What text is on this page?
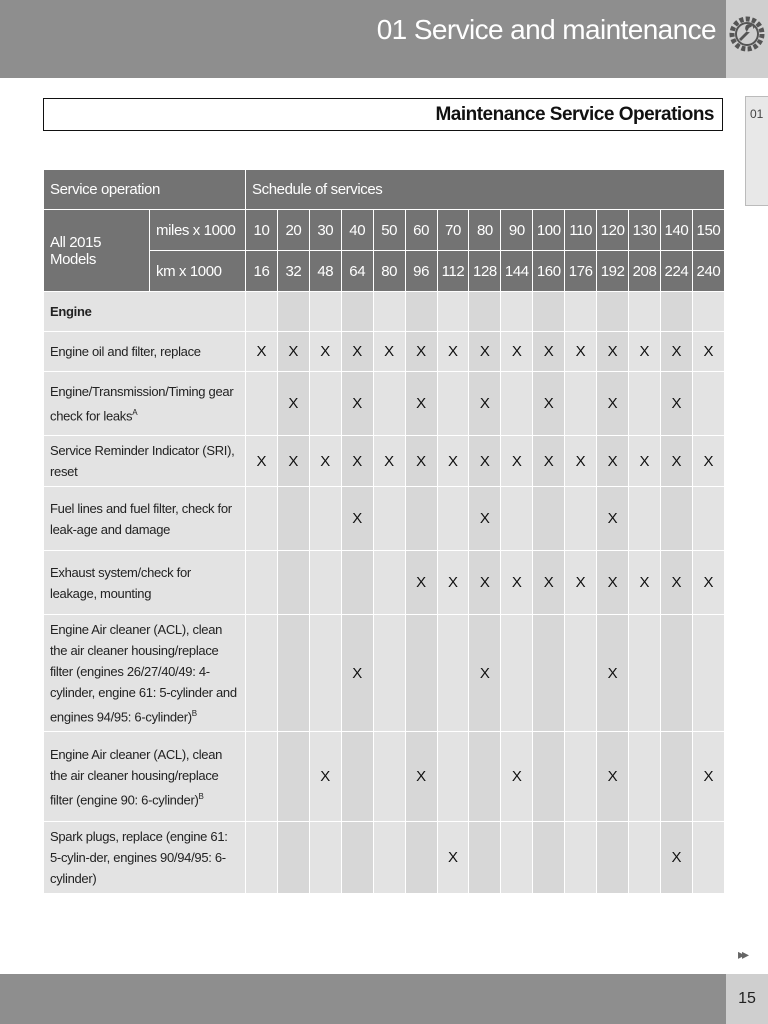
01 Service and maintenance
Maintenance Service Operations	01
Service operation		Schedule of services														
All 2015 Models	miles x 1000	10	20	30	40	50	60	70	80	90	100	110	120	130	140	150
	km x 1000	16	32	48	64	80	96	112	128	144	160	176	192	208	224	240
Engine																
Engine oil and filter, replace		X	X	X	X	X	X	X	X	X	X	X	X	X	X	X
Engine/Transmission/Timing gear check for leaks$^A$			X		X		X		X		X		X		X	
Service Reminder Indicator (SRI), reset		X	X	X	X	X	X	X	X	X	X	X	X	X	X	X
Fuel lines and fuel filter, check for leak-age and damage					X				X				X			
Exhaust system/check for leakage, mounting							X	X	X	X	X	X	X	X	X	X
Engine Air cleaner (ACL), clean the air cleaner housing/replace filter (engines 26/27/40/49: 4-cylinder, engine 61: 5-cylinder and engines 94/95: 6-cylinder)$^B$					X				X				X			
Engine Air cleaner (ACL), clean the air cleaner housing/replace filter (engine 90: 6-cylinder)$^B$				X			X			X			X			X
Spark plugs, replace (engine 61: 5-cylin-der, engines 90/94/95: 6-cylinder)								X							X	
▸▸
15
